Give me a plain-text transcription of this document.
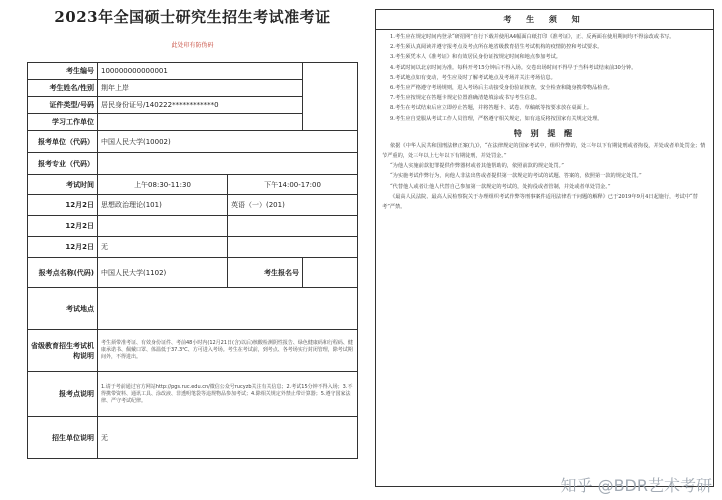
2023年全国硕士研究生招生考试准考证
此处印有防伪码
考生编号	100000000000001		
考生姓名/性别	荆年上岸		
证件类型/号码	居民身份证号/140222************0		
学习工作单位			
报考单位（代码）	中国人民大学(10002)		
报考专业（代码）			
考试时间	上午08:30-11:30	下午14:00-17:00	
12月2日	思想政治理论(101)	英语（一）(201)	
12月2日			
12月2日	无		
报考点名称(代码)	中国人民大学(1102)	考生报名号	
考试地点			
省级教育招生考试机构说明	考生须带准考证、有效身份证件、考前48小时内(12月21日(含)以后)核酸检测阴性报告、绿色健康码和行程码、健康承诺书、佩戴口罩、体温低于37.3℃、方可进入考场。考生在考试前，到考点、各考场实行封闭管理，除考试期间外，不得进出。		
报考点说明	1.请于考前通过官方网站http://pgs.ruc.edu.cn/微信公众号rucyzb关注有关信息；2.考试15分钟不得入场；3.不得携带资料、通讯工具、涂改液、非透明笔袋等违规物品参加考试；4.除相关规定外禁止带计算器；5.遵守国家法律、严守考试纪律。		
招生单位说明	无		
考 生 须 知
1.考生应在规定时间内登录“研招网”自行下载并使用A4幅面白纸打印《准考证》，正、反两面在使用期间均不得涂改或书写。
2.考生须认真阅读并遵守报考点及考点所在地省级教育招生考试机构的疫情防控和考试要求。
3.考生须凭本人《准考证》和有效居民身份证按规定时间和地点参加考试。
4.考试时间以北京时间为准。每科开考15分钟后不得入场。交卷出场时间不得早于当科考试结束前30分钟。
5.考试地点如有变动，考生应及时了解考试地点及考场并关注考场信息。
6.考生应严格遵守考场规则，进入考场后主动接受身份验证核查，安全检查和随身携带物品检查。
7.考生应按规定在答题卡规定位置准确清楚填涂或书写考生信息。
8.考生在考试结束后应立即停止答题，并将答题卡、试卷、草稿纸等按要求放在桌面上。
9.考生应自觉服从考试工作人员管理，严格遵守相关规定，如有违反将按国家有关规定处理。
特 别 提 醒
依据《中华人民共和国刑法修正案(九)》，“在法律规定的国家考试中，组织作弊的，处三年以下有期徒刑或者拘役，并处或者单处罚金；情节严重的，处三年以上七年以下有期徒刑，并处罚金。”
“为他人实施前款犯罪提供作弊器材或者其他帮助的，依照前款的规定处罚。”
“为实施考试作弊行为，向他人非法出售或者提供第一款规定的考试的试题、答案的，依照第一款的规定处罚。”
“代替他人或者让他人代替自己参加第一款规定的考试的，处拘役或者管制，并处或者单处罚金。”
《最高人民法院、最高人民检察院关于办理组织考试作弊等刑事案件适用法律若干问题的解释》已于2019年9月4日起施行，考试中“替考”严禁。
知乎 @BDR艺术考研
